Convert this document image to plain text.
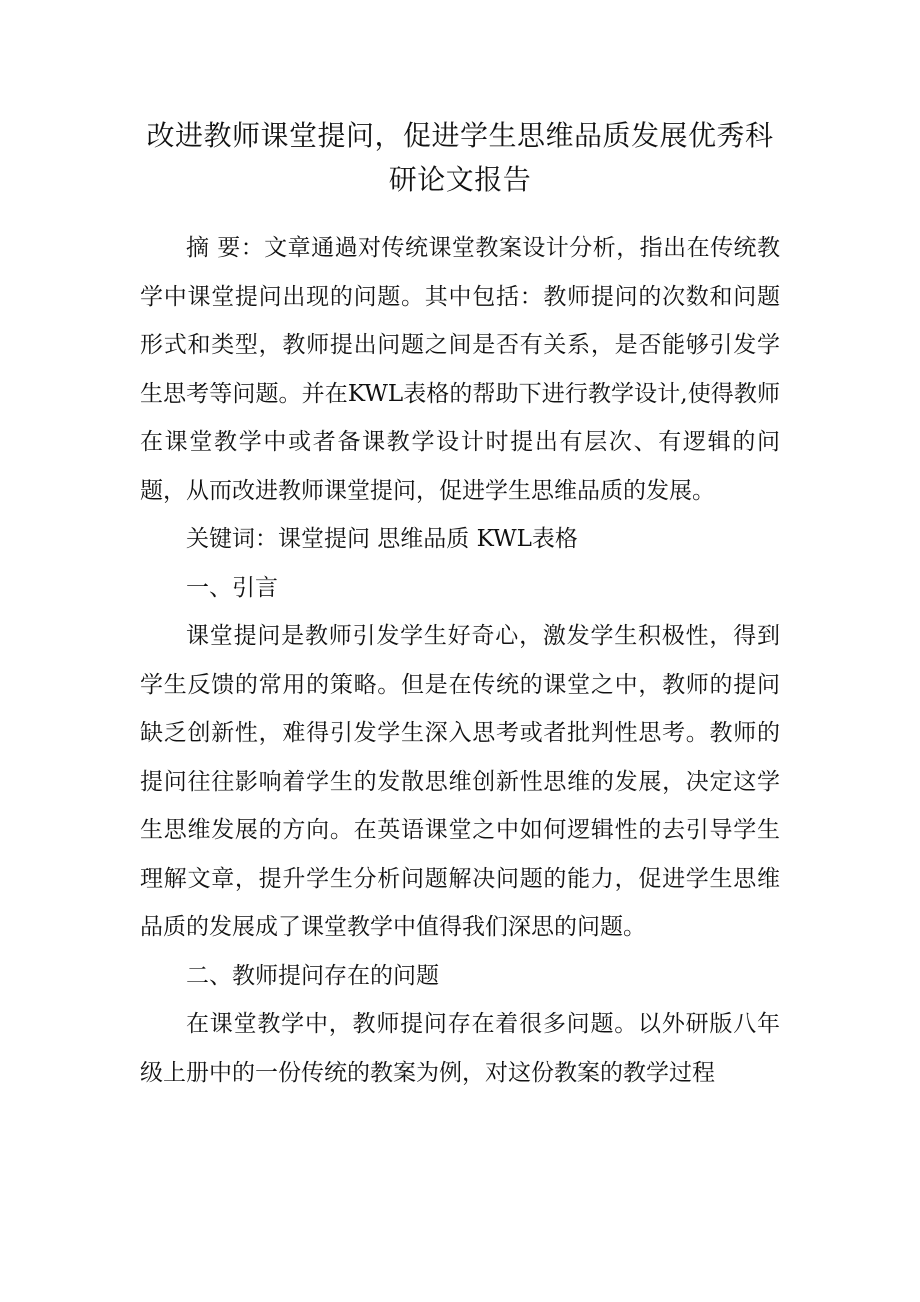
改进教师课堂提问，促进学生思维品质发展优秀科研论文报告

摘 要：文章通過对传统课堂教案设计分析，指出在传统教学中课堂提问出现的问题。其中包括：教师提问的次数和问题形式和类型，教师提出问题之间是否有关系，是否能够引发学生思考等问题。并在KWL表格的帮助下进行教学设计,使得教师在课堂教学中或者备课教学设计时提出有层次、有逻辑的问题，从而改进教师课堂提问，促进学生思维品质的发展。

关键词：课堂提问 思维品质 KWL表格

一、引言

课堂提问是教师引发学生好奇心，激发学生积极性，得到学生反馈的常用的策略。但是在传统的课堂之中，教师的提问缺乏创新性，难得引发学生深入思考或者批判性思考。教师的提问往往影响着学生的发散思维创新性思维的发展，决定这学生思维发展的方向。在英语课堂之中如何逻辑性的去引导学生理解文章，提升学生分析问题解决问题的能力，促进学生思维品质的发展成了课堂教学中值得我们深思的问题。

二、教师提问存在的问题

在课堂教学中，教师提问存在着很多问题。以外研版八年级上册中的一份传统的教案为例，对这份教案的教学过程
